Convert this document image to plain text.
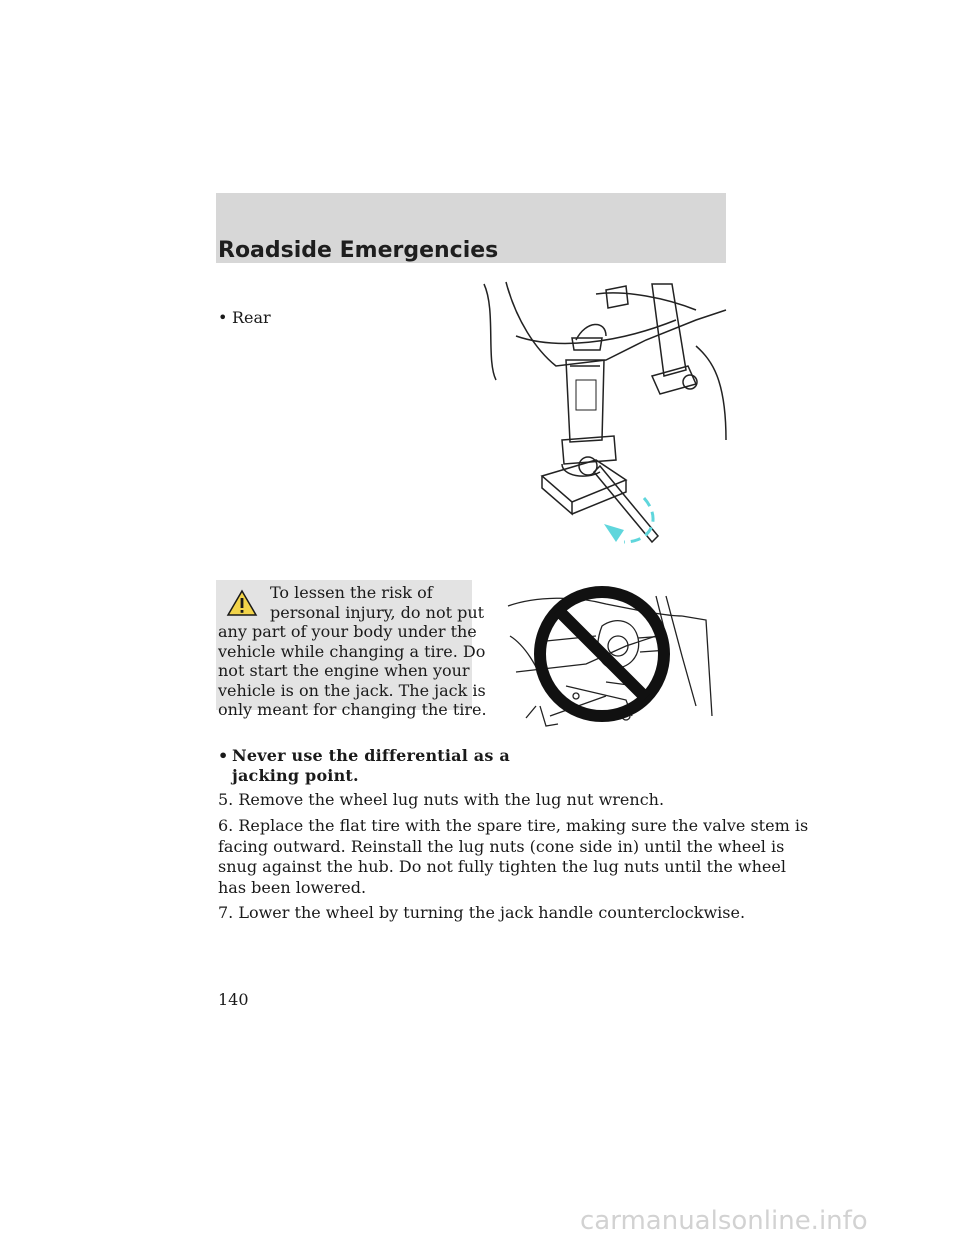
Roadside Emergencies
• Rear
To lessen the risk of
personal injury, do not put
any part of your body under the
vehicle while changing a tire. Do
not start the engine when your
vehicle is on the jack. The jack is
only meant for changing the tire.
• Never use the differential as a
jacking point.
5. Remove the wheel lug nuts with the lug nut wrench.
6. Replace the flat tire with the spare tire, making sure the valve stem is
facing outward. Reinstall the lug nuts (cone side in) until the wheel is
snug against the hub. Do not fully tighten the lug nuts until the wheel
has been lowered.
7. Lower the wheel by turning the jack handle counterclockwise.
140
carmanualsonline.info
